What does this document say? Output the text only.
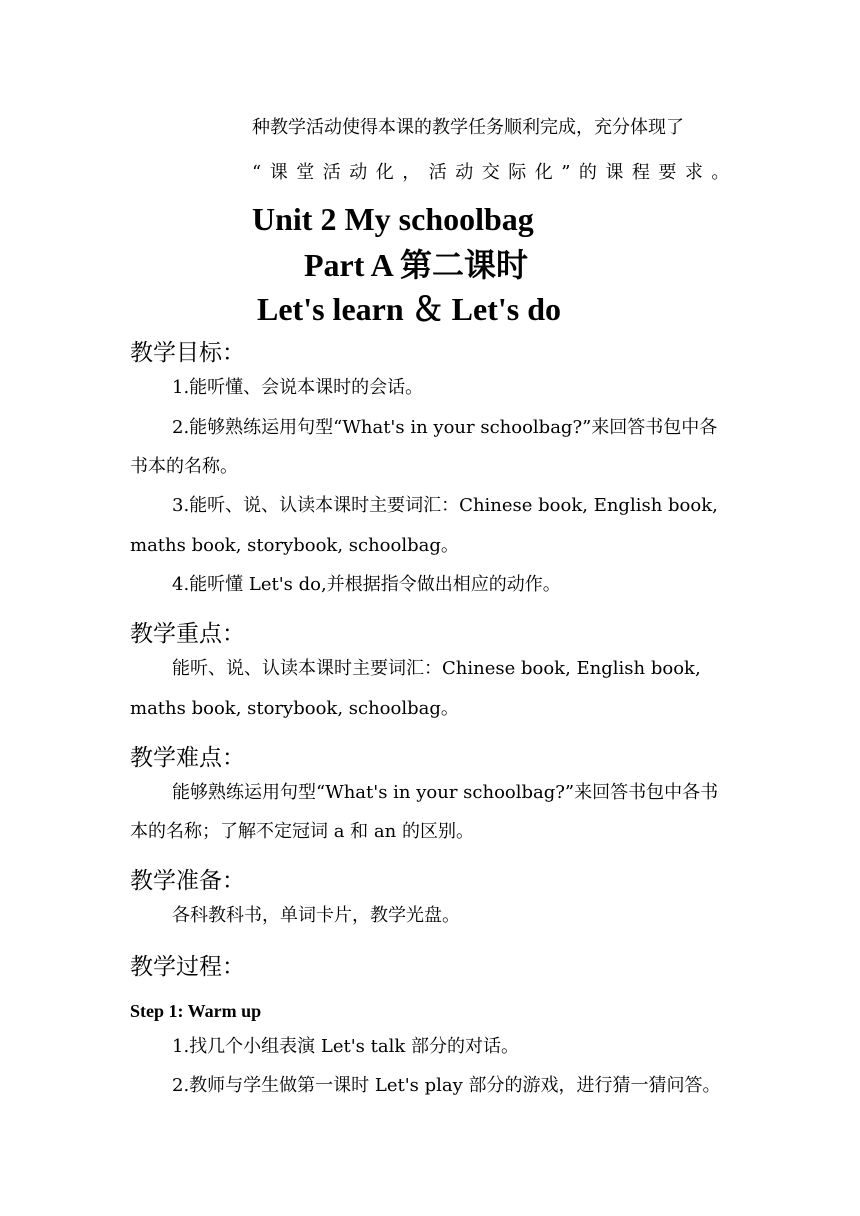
种教学活动使得本课的教学任务顺利完成，充分体现了
“课堂活动化，活动交际化”的课程要求。
Unit 2 My schoolbag
Part A 第二课时
Let's learn ＆ Let's do
教学目标：
1.能听懂、会说本课时的会话。
2.能够熟练运用句型“What's in your schoolbag?”来回答书包中各
书本的名称。
3.能听、说、认读本课时主要词汇：Chinese book, English book,
maths book, storybook, schoolbag。
4.能听懂 Let's do,并根据指令做出相应的动作。
教学重点：
能听、说、认读本课时主要词汇：Chinese book, English book,
maths book, storybook, schoolbag。
教学难点：
能够熟练运用句型“What's in your schoolbag?”来回答书包中各书
本的名称；了解不定冠词 a 和 an 的区别。
教学准备：
各科教科书，单词卡片，教学光盘。
教学过程：
Step 1: Warm up
1.找几个小组表演 Let's talk 部分的对话。
2.教师与学生做第一课时 Let's play 部分的游戏，进行猜一猜问答。
